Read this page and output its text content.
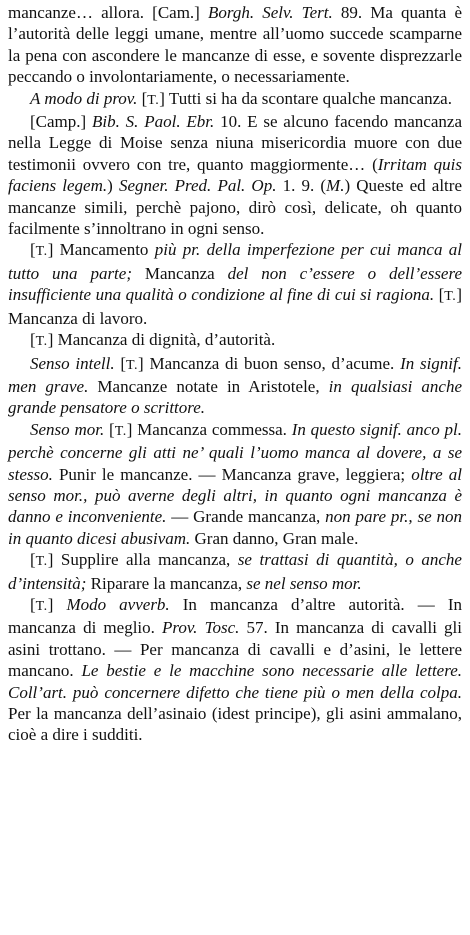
mancanze… allora. [Cam.] Borgh. Selv. Tert. 89. Ma quanta è l’autorità delle leggi umane, mentre all’uomo succede scamparne la pena con ascondere le mancanze di esse, e sovente disprezzarle peccando o involontariamente, o necessariamente.

A modo di prov. [T.] Tutti si ha da scontare qualche mancanza.

[Camp.] Bib. S. Paol. Ebr. 10. E se alcuno facendo mancanza nella Legge di Moise senza niuna misericordia muore con due testimonii ovvero con tre, quanto maggiormente… (Irritam quis faciens legem.) Segner. Pred. Pal. Op. 1. 9. (M.) Queste ed altre mancanze simili, perchè pajono, dirò così, delicate, oh quanto facilmente s’innoltrano in ogni senso.

[T.] Mancamento più pr. della imperfezione per cui manca al tutto una parte; Mancanza del non c’essere o dell’essere insufficiente una qualità o condizione al fine di cui si ragiona. [T.] Mancanza di lavoro.

[T.] Mancanza di dignità, d’autorità.

Senso intell. [T.] Mancanza di buon senso, d’acume. In signif. men grave. Mancanze notate in Aristotele, in qualsiasi anche grande pensatore o scrittore.

Senso mor. [T.] Mancanza commessa. In questo signif. anco pl. perchè concerne gli atti ne’ quali l’uomo manca al dovere, a se stesso. Punir le mancanze. — Mancanza grave, leggiera; oltre al senso mor., può averne degli altri, in quanto ogni mancanza è danno e inconveniente. — Grande mancanza, non pare pr., se non in quanto dicesi abusivam. Gran danno, Gran male.

[T.] Supplire alla mancanza, se trattasi di quantità, o anche d’intensità; Riparare la mancanza, se nel senso mor.

[T.] Modo avverb. In mancanza d’altre autorità. — In mancanza di meglio. Prov. Tosc. 57. In mancanza di cavalli gli asini trottano. — Per mancanza di cavalli e d’asini, le lettere mancano. Le bestie e le macchine sono necessarie alle lettere. Coll’art. può concernere difetto che tiene più o men della colpa. Per la mancanza dell’asinaio (idest principe), gli asini ammalano, cioè a dire i sudditi.
